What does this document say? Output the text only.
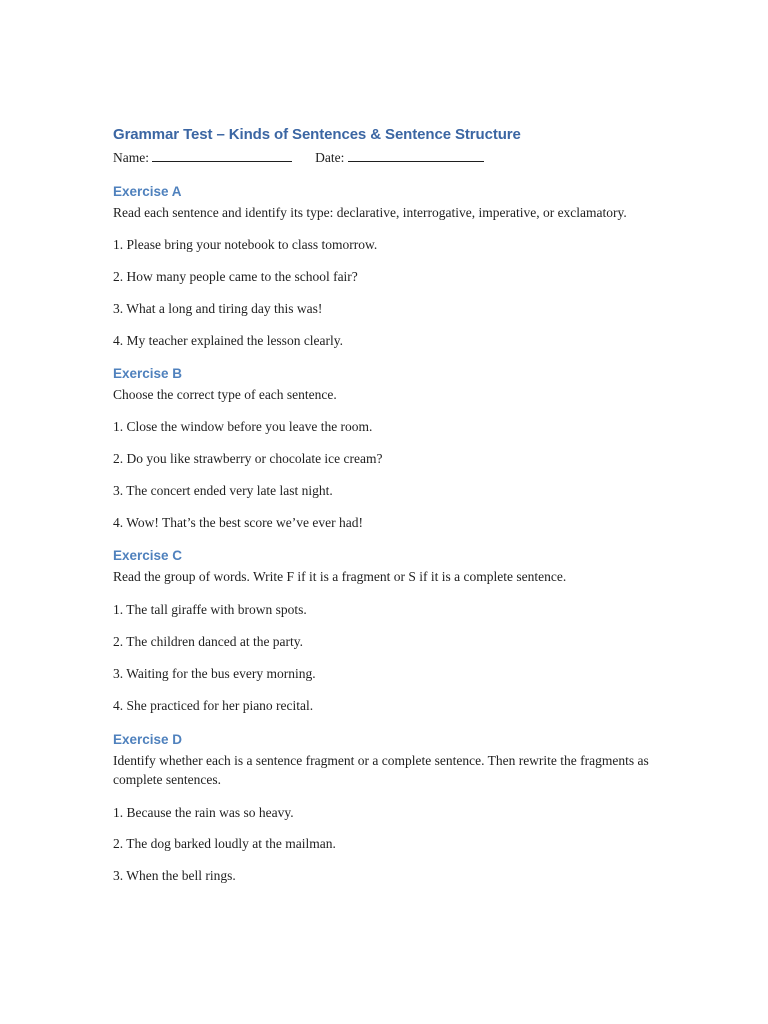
Grammar Test – Kinds of Sentences & Sentence Structure
Name:	Date:
Exercise A

Read each sentence and identify its type: declarative, interrogative, imperative, or exclamatory.

1. Please bring your notebook to class tomorrow.

2. How many people came to the school fair?

3. What a long and tiring day this was!

4. My teacher explained the lesson clearly.

Exercise B

Choose the correct type of each sentence.

1. Close the window before you leave the room.

2. Do you like strawberry or chocolate ice cream?

3. The concert ended very late last night.

4. Wow! That’s the best score we’ve ever had!

Exercise C

Read the group of words. Write F if it is a fragment or S if it is a complete sentence.

1. The tall giraffe with brown spots.

2. The children danced at the party.

3. Waiting for the bus every morning.

4. She practiced for her piano recital.

Exercise D

Identify whether each is a sentence fragment or a complete sentence. Then rewrite the fragments as complete sentences.

1. Because the rain was so heavy.

2. The dog barked loudly at the mailman.

3. When the bell rings.
